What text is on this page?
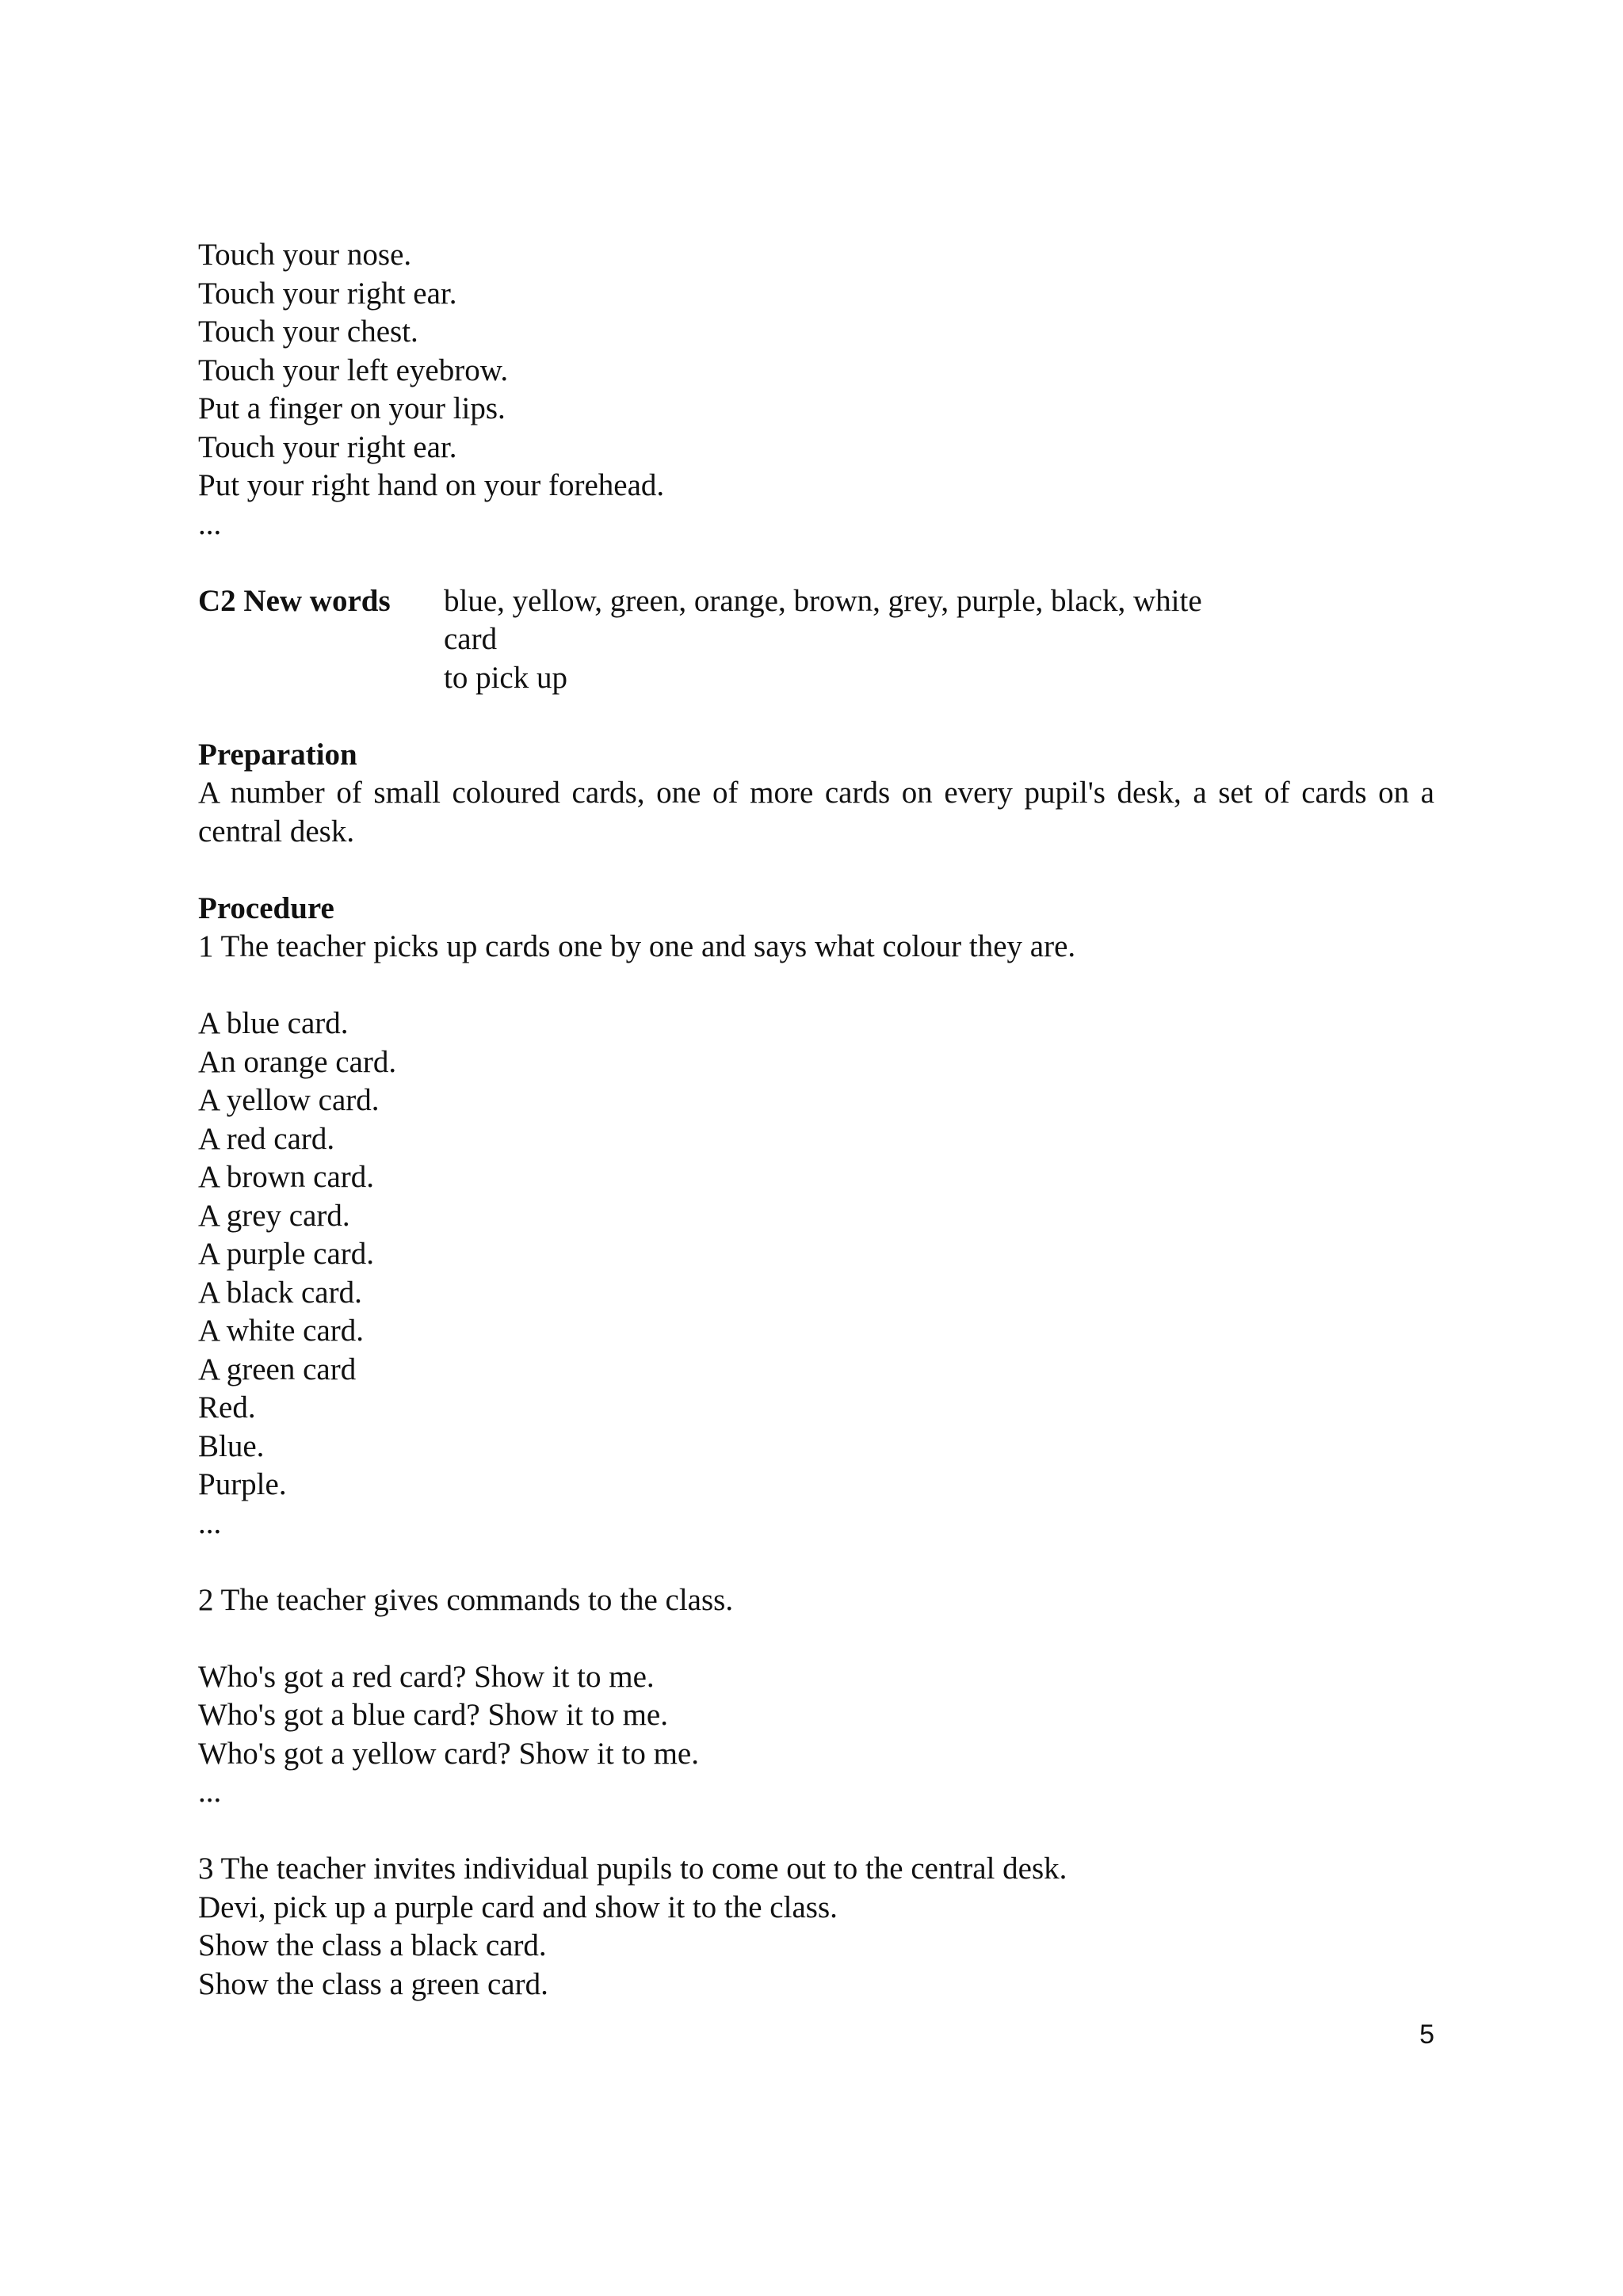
Touch your nose.
Touch your right ear.
Touch your chest.
Touch your left eyebrow.
Put a finger on your lips.
Touch your right ear.
Put your right hand on your forehead.
...
C2 New words	blue, yellow, green, orange, brown, grey, purple, black, white
card
to pick up
Preparation

A number of small coloured cards, one of more cards on every pupil's desk, a set of cards on a central desk.

Procedure
1 The teacher picks up cards one by one and says what colour they are.
A blue card.
An orange card.
A yellow card.
A red card.
A brown card.
A grey card.
A purple card.
A black card.
A white card.
A green card
Red.
Blue.
Purple.
...
2 The teacher gives commands to the class.
Who's got a red card? Show it to me.
Who's got a blue card? Show it to me.
Who's got a yellow card? Show it to me.
...
3 The teacher invites individual pupils to come out to the central desk.
Devi, pick up a purple card and show it to the class.
Show the class a black card.
Show the class a green card.
5
